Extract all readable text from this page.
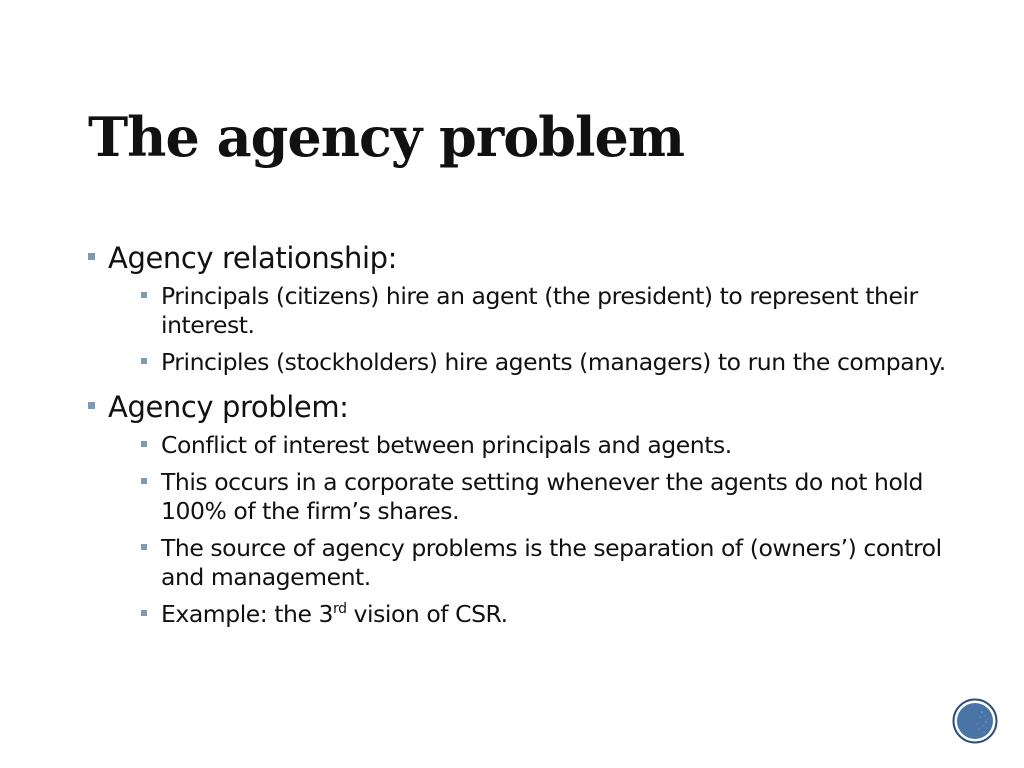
The agency problem
Agency relationship:
Principals (citizens) hire an agent (the president) to represent their interest.
Principles (stockholders) hire agents (managers) to run the company.
Agency problem:
Conflict of interest between principals and agents.
This occurs in a corporate setting whenever the agents do not hold 100% of the firm’s shares.
The source of agency problems is the separation of (owners’) control and management.
Example: the 3rd vision of CSR.
